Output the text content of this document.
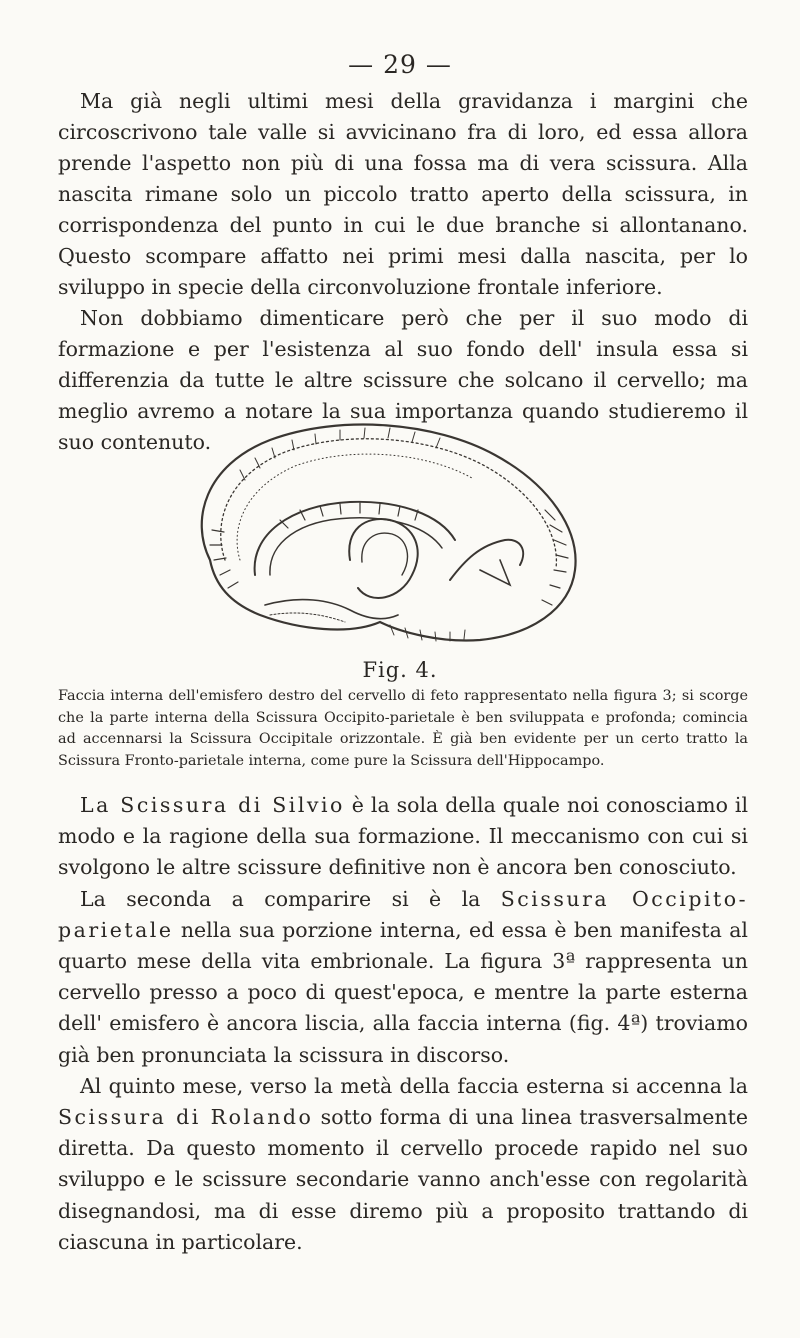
— 29 —

Ma già negli ultimi mesi della gravidanza i margini che circoscrivono tale valle si avvicinano fra di loro, ed essa allora prende l'aspetto non più di una fossa ma di vera scissura. Alla nascita rimane solo un piccolo tratto aperto della scissura, in corrispondenza del punto in cui le due branche si allontanano. Questo scompare affatto nei primi mesi dalla nascita, per lo sviluppo in specie della circonvoluzione frontale inferiore.

Non dobbiamo dimenticare però che per il suo modo di formazione e per l'esistenza al suo fondo dell' insula essa si differenzia da tutte le altre scissure che solcano il cervello; ma meglio avremo a notare la sua importanza quando studieremo il suo contenuto.

Fig. 4.

Faccia interna dell'emisfero destro del cervello di feto rappresentato nella figura 3; si scorge che la parte interna della Scissura Occipito-parietale è ben sviluppata e profonda; comincia ad accennarsi la Scissura Occipitale orizzontale. È già ben evidente per un certo tratto la Scissura Fronto-parietale interna, come pure la Scissura dell'Hippocampo.

La Scissura di Silvio è la sola della quale noi conosciamo il modo e la ragione della sua formazione. Il meccanismo con cui si svolgono le altre scissure definitive non è ancora ben conosciuto.

La seconda a comparire si è la Scissura Occipito-parietale nella sua porzione interna, ed essa è ben manifesta al quarto mese della vita embrionale. La figura 3ª rappresenta un cervello presso a poco di quest'epoca, e mentre la parte esterna dell' emisfero è ancora liscia, alla faccia interna (fig. 4ª) troviamo già ben pronunciata la scissura in discorso.

Al quinto mese, verso la metà della faccia esterna si accenna la Scissura di Rolando sotto forma di una linea trasversalmente diretta. Da questo momento il cervello procede rapido nel suo sviluppo e le scissure secondarie vanno anch'esse con regolarità disegnandosi, ma di esse diremo più a proposito trattando di ciascuna in particolare.
